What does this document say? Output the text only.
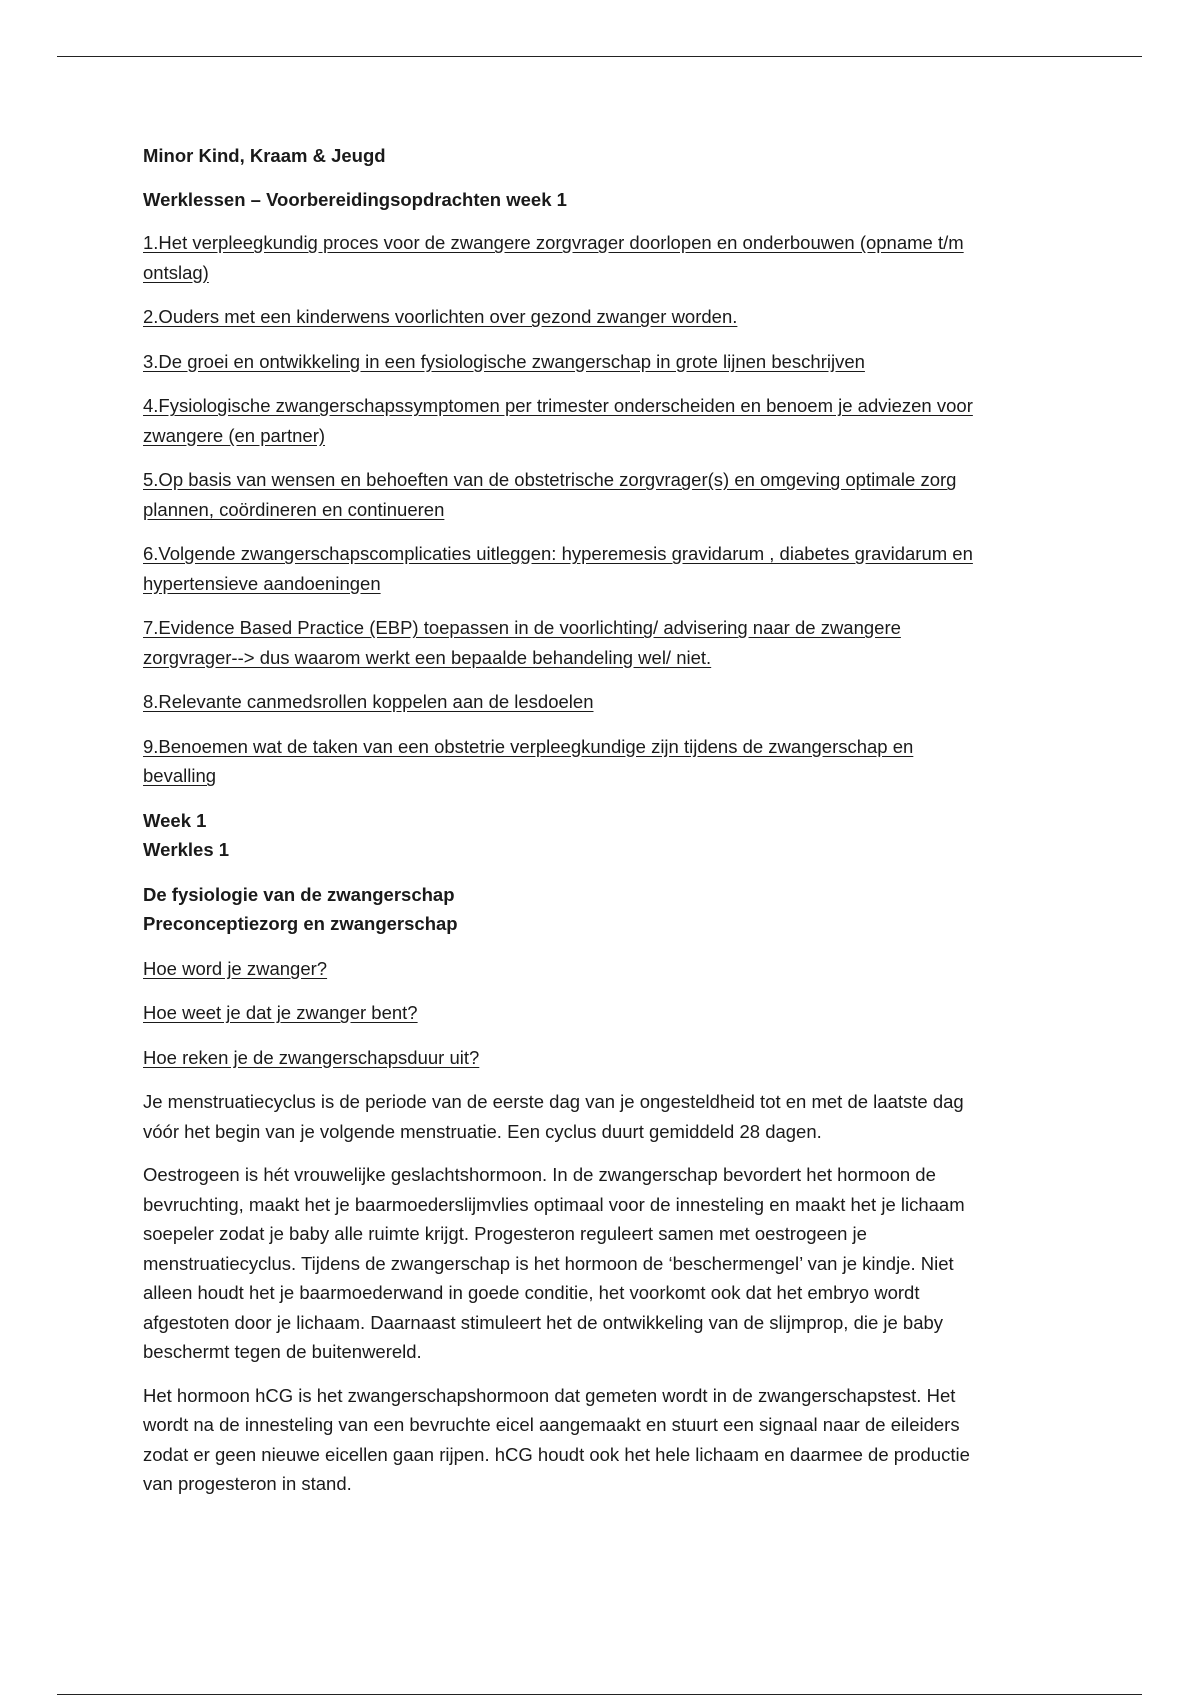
Minor Kind, Kraam & Jeugd
Werklessen – Voorbereidingsopdrachten week 1
1.Het verpleegkundig proces voor de zwangere zorgvrager doorlopen en onderbouwen (opname t/m
ontslag)
2.Ouders met een kinderwens voorlichten over gezond zwanger worden.
3.De groei en ontwikkeling in een fysiologische zwangerschap in grote lijnen beschrijven
4.Fysiologische zwangerschapssymptomen per trimester onderscheiden en benoem je adviezen voor
zwangere (en partner)
5.Op basis van wensen en behoeften van de obstetrische zorgvrager(s) en omgeving optimale zorg
plannen, coördineren en continueren
6.Volgende zwangerschapscomplicaties uitleggen: hyperemesis gravidarum , diabetes gravidarum en
hypertensieve aandoeningen
7.Evidence Based Practice (EBP) toepassen in de voorlichting/ advisering naar de zwangere
zorgvrager--> dus waarom werkt een bepaalde behandeling wel/ niet.
8.Relevante canmedsrollen koppelen aan de lesdoelen
9.Benoemen wat de taken van een obstetrie verpleegkundige zijn tijdens de zwangerschap en
bevalling
Week 1
Werkles 1
De fysiologie van de zwangerschap
Preconceptiezorg en zwangerschap
Hoe word je zwanger?
Hoe weet je dat je zwanger bent?
Hoe reken je de zwangerschapsduur uit?
Je menstruatiecyclus is de periode van de eerste dag van je ongesteldheid tot en met de laatste dag
vóór het begin van je volgende menstruatie. Een cyclus duurt gemiddeld 28 dagen.
Oestrogeen is hét vrouwelijke geslachtshormoon. In de zwangerschap bevordert het hormoon de
bevruchting, maakt het je baarmoederslijmvlies optimaal voor de innesteling en maakt het je lichaam
soepeler zodat je baby alle ruimte krijgt. Progesteron reguleert samen met oestrogeen je
menstruatiecyclus. Tijdens de zwangerschap is het hormoon de ‘beschermengel’ van je kindje. Niet
alleen houdt het je baarmoederwand in goede conditie, het voorkomt ook dat het embryo wordt
afgestoten door je lichaam. Daarnaast stimuleert het de ontwikkeling van de slijmprop, die je baby
beschermt tegen de buitenwereld.
Het hormoon hCG is het zwangerschapshormoon dat gemeten wordt in de zwangerschapstest. Het
wordt na de innesteling van een bevruchte eicel aangemaakt en stuurt een signaal naar de eileiders
zodat er geen nieuwe eicellen gaan rijpen. hCG houdt ook het hele lichaam en daarmee de productie
van progesteron in stand.
